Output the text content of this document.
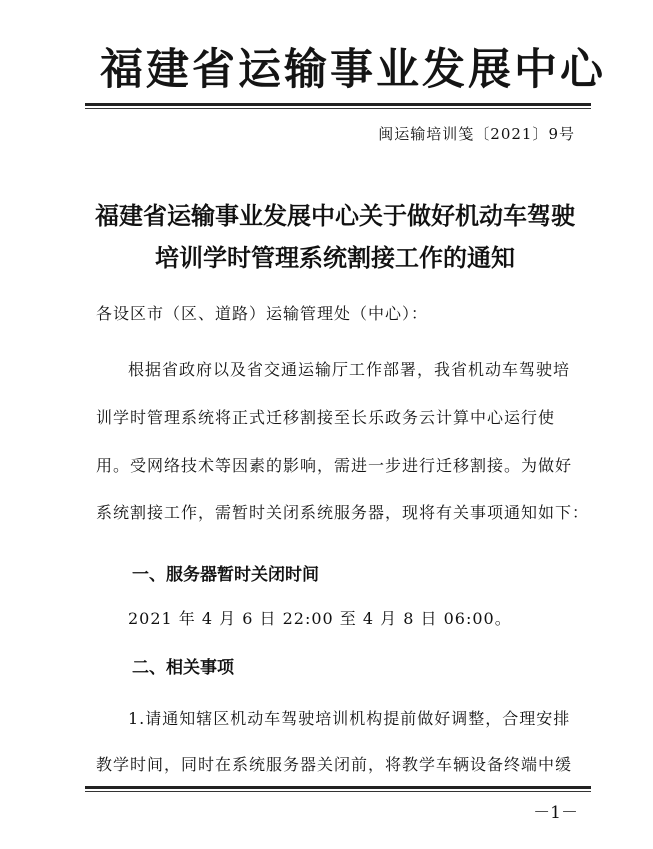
福建省运输事业发展中心
闽运输培训笺〔2021〕9号
福建省运输事业发展中心关于做好机动车驾驶
培训学时管理系统割接工作的通知
各设区市（区、道路）运输管理处（中心）：
根据省政府以及省交通运输厅工作部署，我省机动车驾驶培
训学时管理系统将正式迁移割接至长乐政务云计算中心运行使
用。受网络技术等因素的影响，需进一步进行迁移割接。为做好
系统割接工作，需暂时关闭系统服务器，现将有关事项通知如下：
一、服务器暂时关闭时间
2021 年 4 月 6 日 22:00 至 4 月 8 日 06:00。
二、相关事项
1.请通知辖区机动车驾驶培训机构提前做好调整，合理安排
教学时间，同时在系统服务器关闭前，将教学车辆设备终端中缓
－1－
